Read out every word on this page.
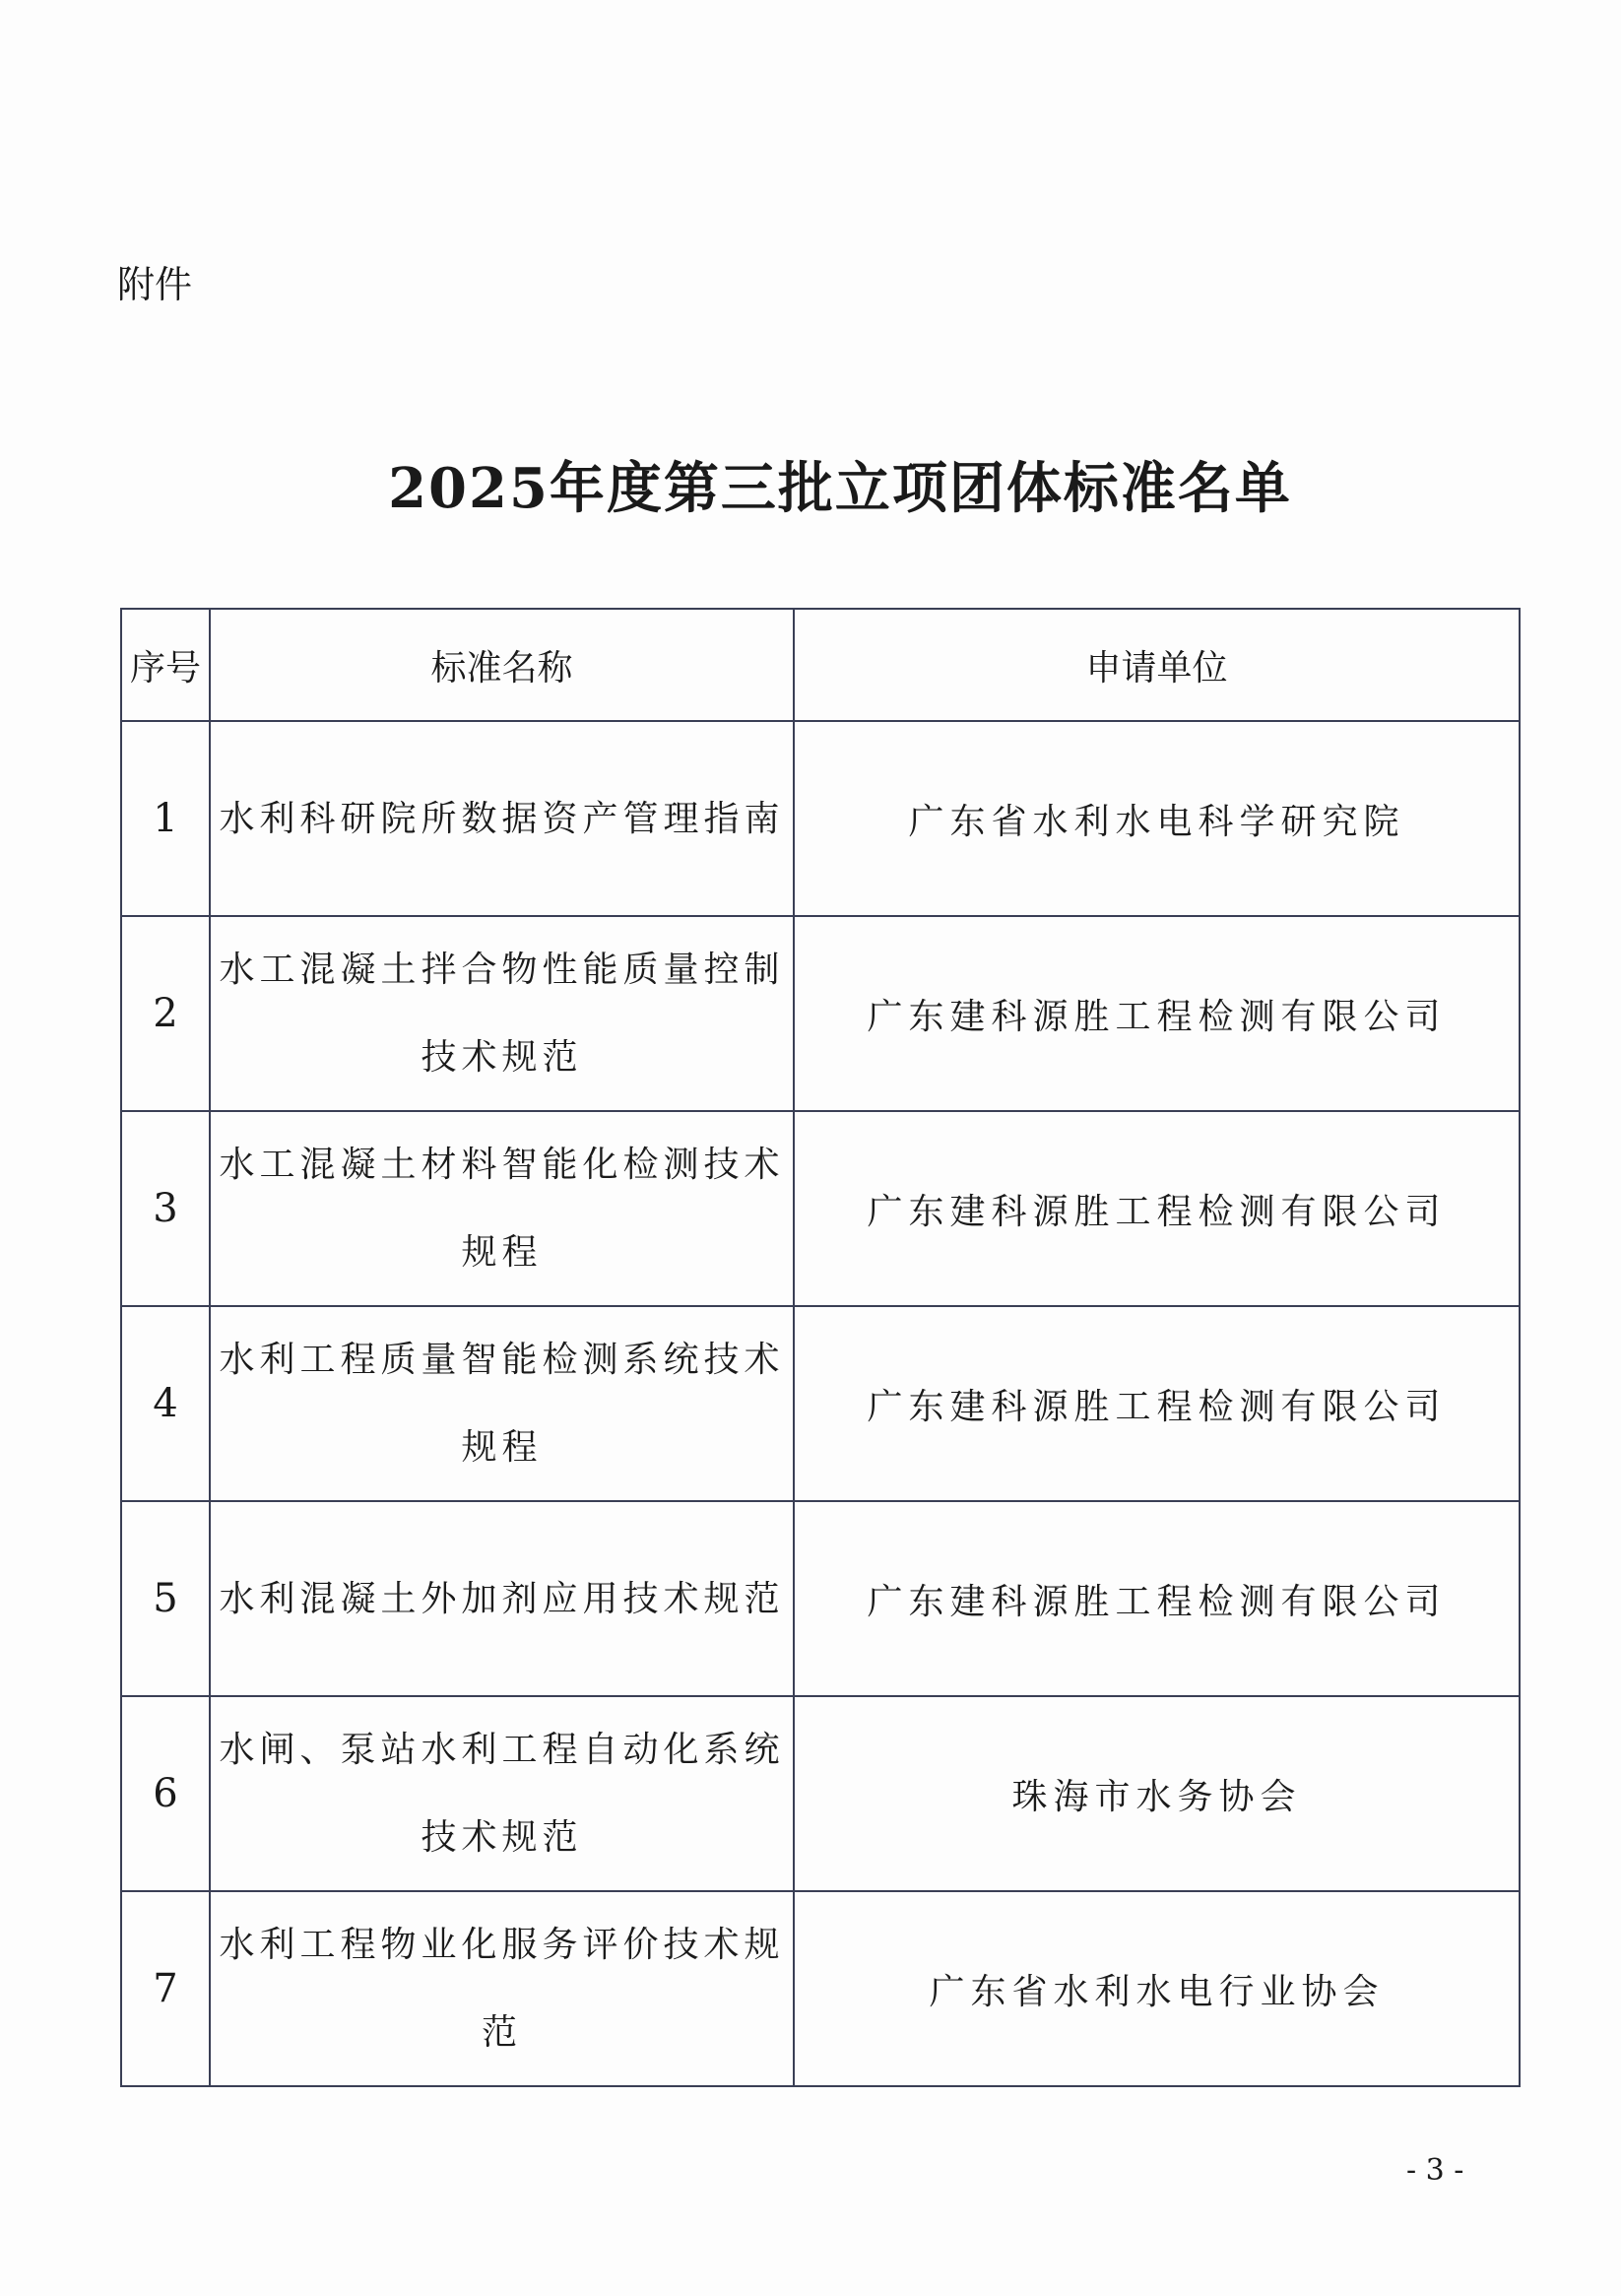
附件
2025年度第三批立项团体标准名单
序号	标准名称	申请单位
1	水利科研院所数据资产管理指南	广东省水利水电科学研究院
2	水工混凝土拌合物性能质量控制技术规范	广东建科源胜工程检测有限公司
3	水工混凝土材料智能化检测技术规程	广东建科源胜工程检测有限公司
4	水利工程质量智能检测系统技术规程	广东建科源胜工程检测有限公司
5	水利混凝土外加剂应用技术规范	广东建科源胜工程检测有限公司
6	水闸、泵站水利工程自动化系统技术规范	珠海市水务协会
7	水利工程物业化服务评价技术规范	广东省水利水电行业协会
- 3 -
